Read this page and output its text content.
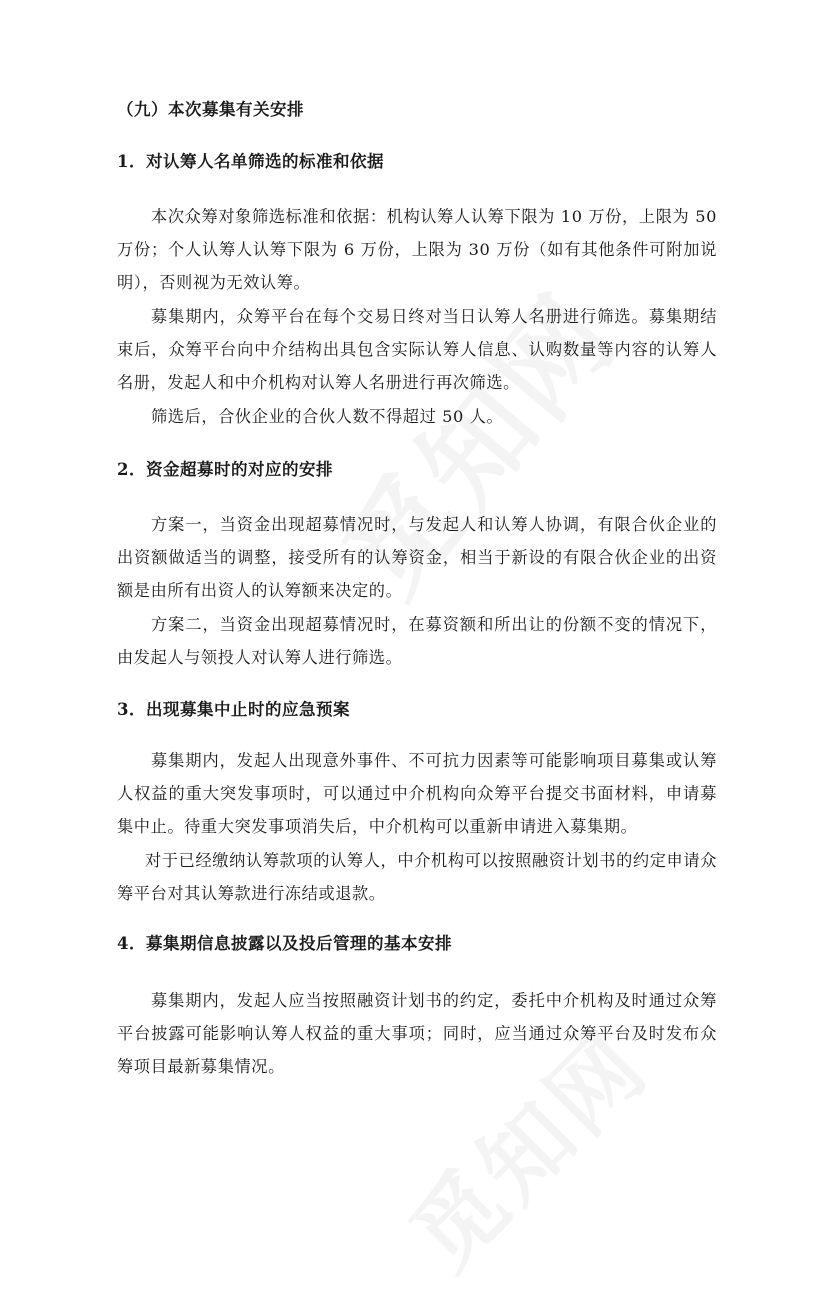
（九）本次募集有关安排
1．对认筹人名单筛选的标准和依据

本次众筹对象筛选标准和依据：机构认筹人认筹下限为 10 万份，上限为 50 万份；个人认筹人认筹下限为 6 万份，上限为 30 万份（如有其他条件可附加说明），否则视为无效认筹。

募集期内，众筹平台在每个交易日终对当日认筹人名册进行筛选。募集期结束后，众筹平台向中介结构出具包含实际认筹人信息、认购数量等内容的认筹人名册，发起人和中介机构对认筹人名册进行再次筛选。

筛选后，合伙企业的合伙人数不得超过 50 人。

2．资金超募时的对应的安排

方案一，当资金出现超募情况时，与发起人和认筹人协调，有限合伙企业的出资额做适当的调整，接受所有的认筹资金，相当于新设的有限合伙企业的出资额是由所有出资人的认筹额来决定的。

方案二，当资金出现超募情况时，在募资额和所出让的份额不变的情况下，由发起人与领投人对认筹人进行筛选。

3．出现募集中止时的应急预案

募集期内，发起人出现意外事件、不可抗力因素等可能影响项目募集或认筹人权益的重大突发事项时，可以通过中介机构向众筹平台提交书面材料，申请募集中止。待重大突发事项消失后，中介机构可以重新申请进入募集期。

对于已经缴纳认筹款项的认筹人，中介机构可以按照融资计划书的约定申请众筹平台对其认筹款进行冻结或退款。

4．募集期信息披露以及投后管理的基本安排

募集期内，发起人应当按照融资计划书的约定，委托中介机构及时通过众筹平台披露可能影响认筹人权益的重大事项；同时，应当通过众筹平台及时发布众筹项目最新募集情况。
